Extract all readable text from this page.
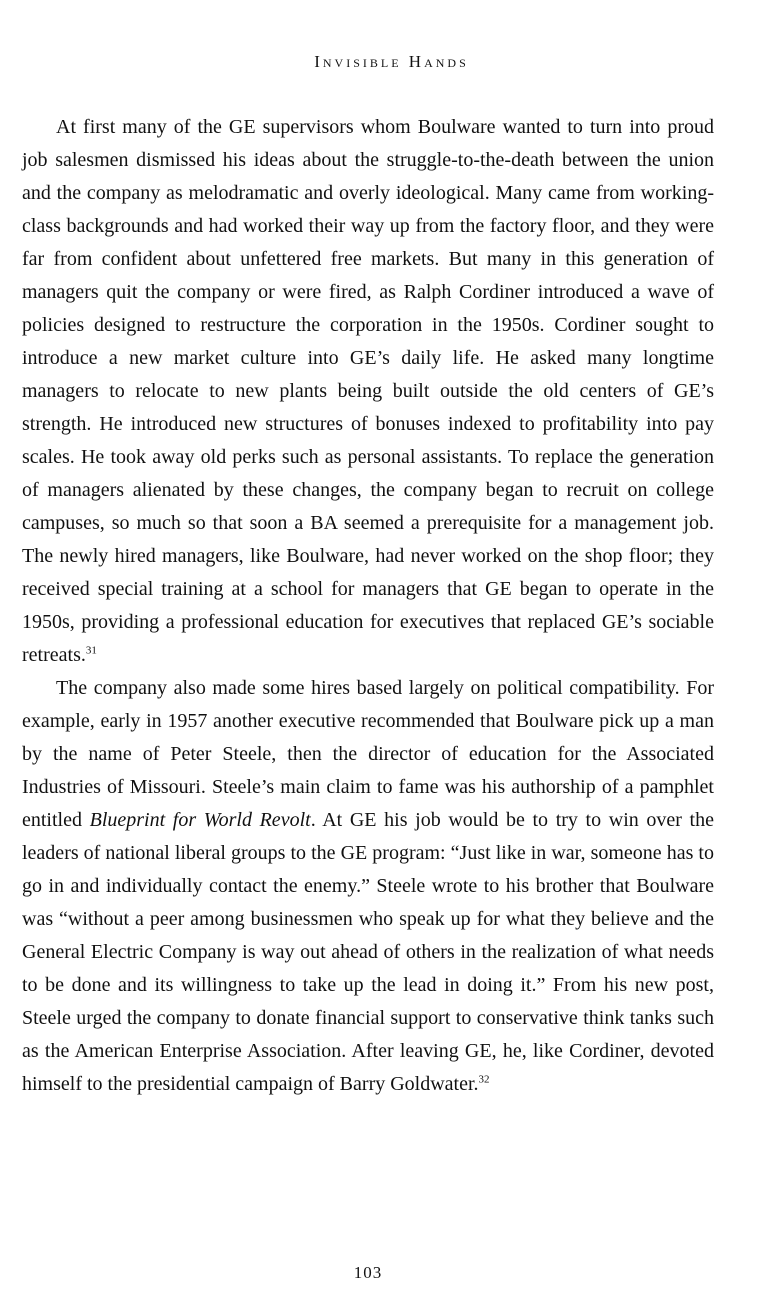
Invisible Hands

At first many of the GE supervisors whom Boulware wanted to turn into proud job salesmen dismissed his ideas about the struggle-to-the-death between the union and the company as melodramatic and overly ideological. Many came from working-class backgrounds and had worked their way up from the factory floor, and they were far from confident about unfettered free markets. But many in this generation of managers quit the company or were fired, as Ralph Cordiner introduced a wave of policies designed to restructure the corporation in the 1950s. Cordiner sought to introduce a new market culture into GE’s daily life. He asked many longtime managers to relocate to new plants being built outside the old centers of GE’s strength. He introduced new structures of bonuses indexed to profitability into pay scales. He took away old perks such as personal assistants. To replace the generation of managers alienated by these changes, the company began to recruit on college campuses, so much so that soon a BA seemed a prerequisite for a management job. The newly hired managers, like Boulware, had never worked on the shop floor; they received special training at a school for managers that GE began to operate in the 1950s, providing a professional education for executives that replaced GE’s sociable retreats.$^{31}$

The company also made some hires based largely on political compatibility. For example, early in 1957 another executive recommended that Boulware pick up a man by the name of Peter Steele, then the director of education for the Associated Industries of Missouri. Steele’s main claim to fame was his authorship of a pamphlet entitled Blueprint for World Revolt. At GE his job would be to try to win over the leaders of national liberal groups to the GE program: “Just like in war, someone has to go in and individually contact the enemy.” Steele wrote to his brother that Boulware was “without a peer among businessmen who speak up for what they believe and the General Electric Company is way out ahead of others in the realization of what needs to be done and its willingness to take up the lead in doing it.” From his new post, Steele urged the company to donate financial support to conservative think tanks such as the American Enterprise Association. After leaving GE, he, like Cordiner, devoted himself to the presidential campaign of Barry Goldwater.$^{32}$

103
